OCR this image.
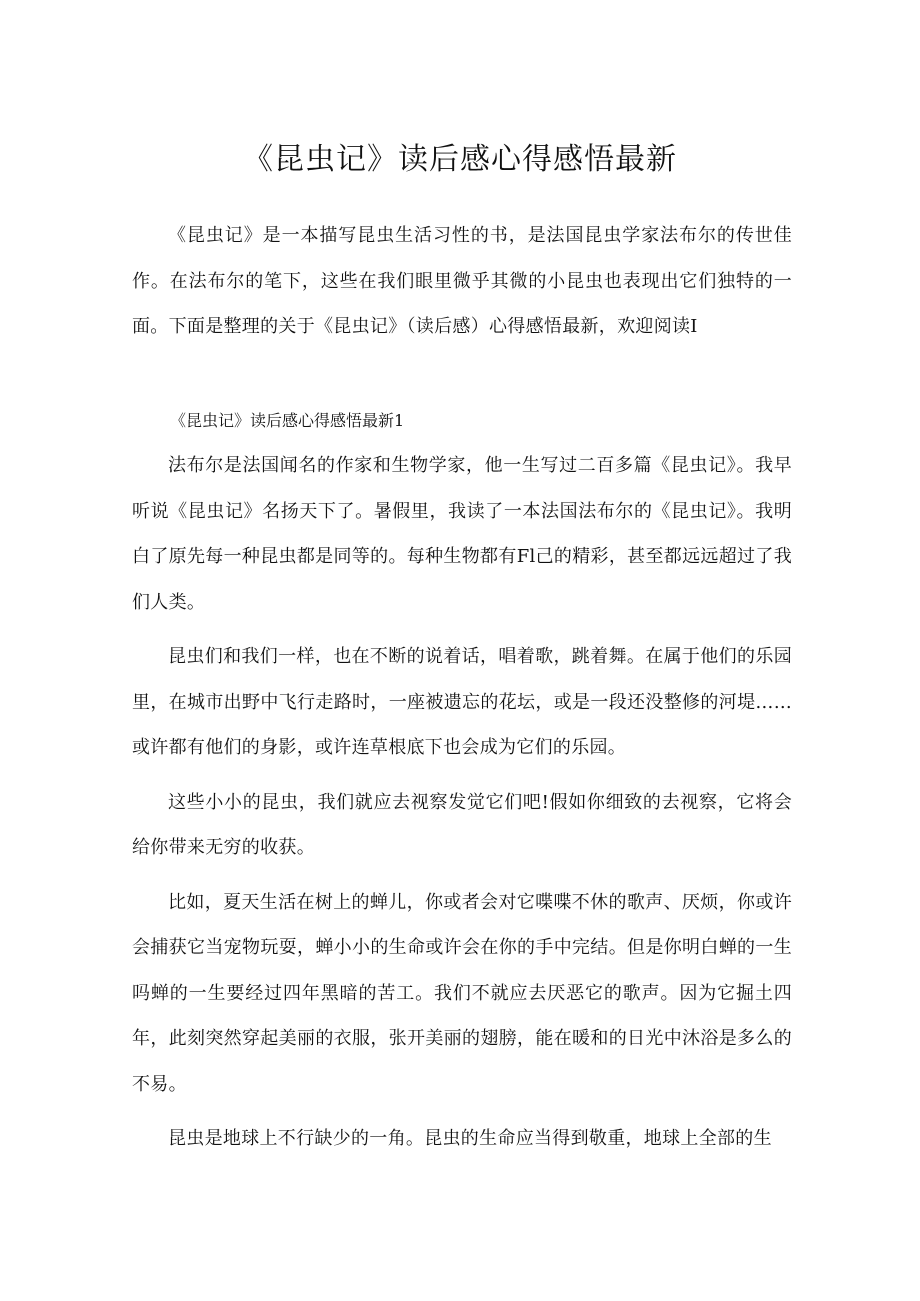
《昆虫记》读后感心得感悟最新

《昆虫记》是一本描写昆虫生活习性的书，是法国昆虫学家法布尔的传世佳作。在法布尔的笔下，这些在我们眼里微乎其微的小昆虫也表现出它们独特的一面。下面是整理的关于《昆虫记》（读后感）心得感悟最新，欢迎阅读I

《昆虫记》读后感心得感悟最新1

法布尔是法国闻名的作家和生物学家，他一生写过二百多篇《昆虫记》。我早听说《昆虫记》名扬天下了。暑假里，我读了一本法国法布尔的《昆虫记》。我明白了原先每一种昆虫都是同等的。每种生物都有Fl己的精彩，甚至都远远超过了我们人类。

昆虫们和我们一样，也在不断的说着话，唱着歌，跳着舞。在属于他们的乐园里，在城市出野中飞行走路时，一座被遗忘的花坛，或是一段还没整修的河堤……或许都有他们的身影，或许连草根底下也会成为它们的乐园。

这些小小的昆虫，我们就应去视察发觉它们吧!假如你细致的去视察，它将会给你带来无穷的收获。

比如，夏天生活在树上的蝉儿，你或者会对它喋喋不休的歌声、厌烦，你或许会捕获它当宠物玩耍，蝉小小的生命或许会在你的手中完结。但是你明白蝉的一生吗蝉的一生要经过四年黑暗的苦工。我们不就应去厌恶它的歌声。因为它掘土四年，此刻突然穿起美丽的衣服，张开美丽的翅膀，能在暖和的日光中沐浴是多么的不易。

昆虫是地球上不行缺少的一角。昆虫的生命应当得到敬重，地球上全部的生
